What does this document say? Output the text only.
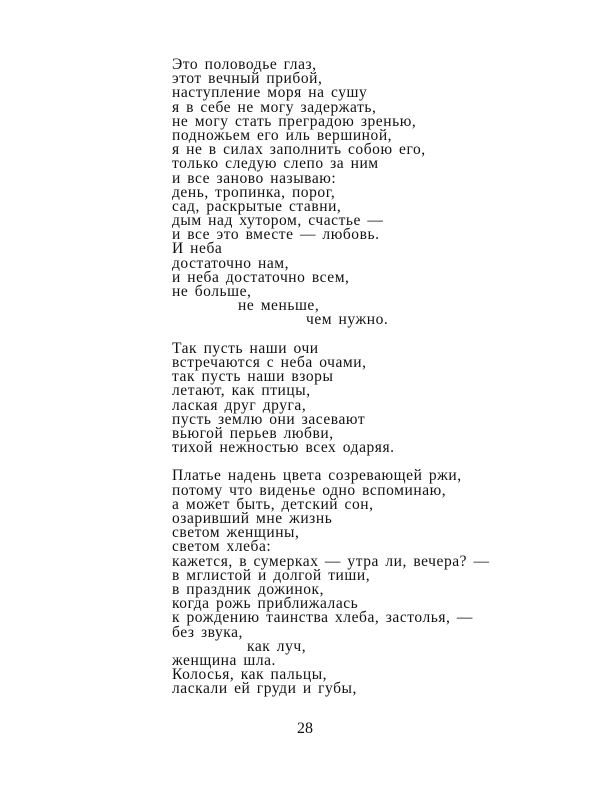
Это половодье глаз,
этот вечный прибой,
наступление моря на сушу
я в себе не могу задержать,
не могу стать преградою зренью,
подножьем его иль вершиной,
я не в силах заполнить собою его,
только следую слепо за ним
и все заново называю:
день, тропинка, порог,
сад, раскрытые ставни,
дым над хутором, счастье —
и все это вместе — любовь.
И неба
достаточно нам,
и неба достаточно всем,
не больше,
не меньше,
чем нужно.
Так пусть наши очи
встречаются с неба очами,
так пусть наши взоры
летают, как птицы,
лаская друг друга,
пусть землю они засевают
вьюгой перьев любви,
тихой нежностью всех одаряя.
Платье надень цвета созревающей ржи,
потому что виденье одно вспоминаю,
а может быть, детский сон,
озаривший мне жизнь
светом женщины,
светом хлеба:
кажется, в сумерках — утра ли, вечера? —
в мглистой и долгой тиши,
в праздник дожинок,
когда рожь приближалась
к рождению таинства хлеба, застолья, —
без звука,
как луч,
женщина шла.
Колосья, как пальцы,
ласкали ей груди и губы,
28
